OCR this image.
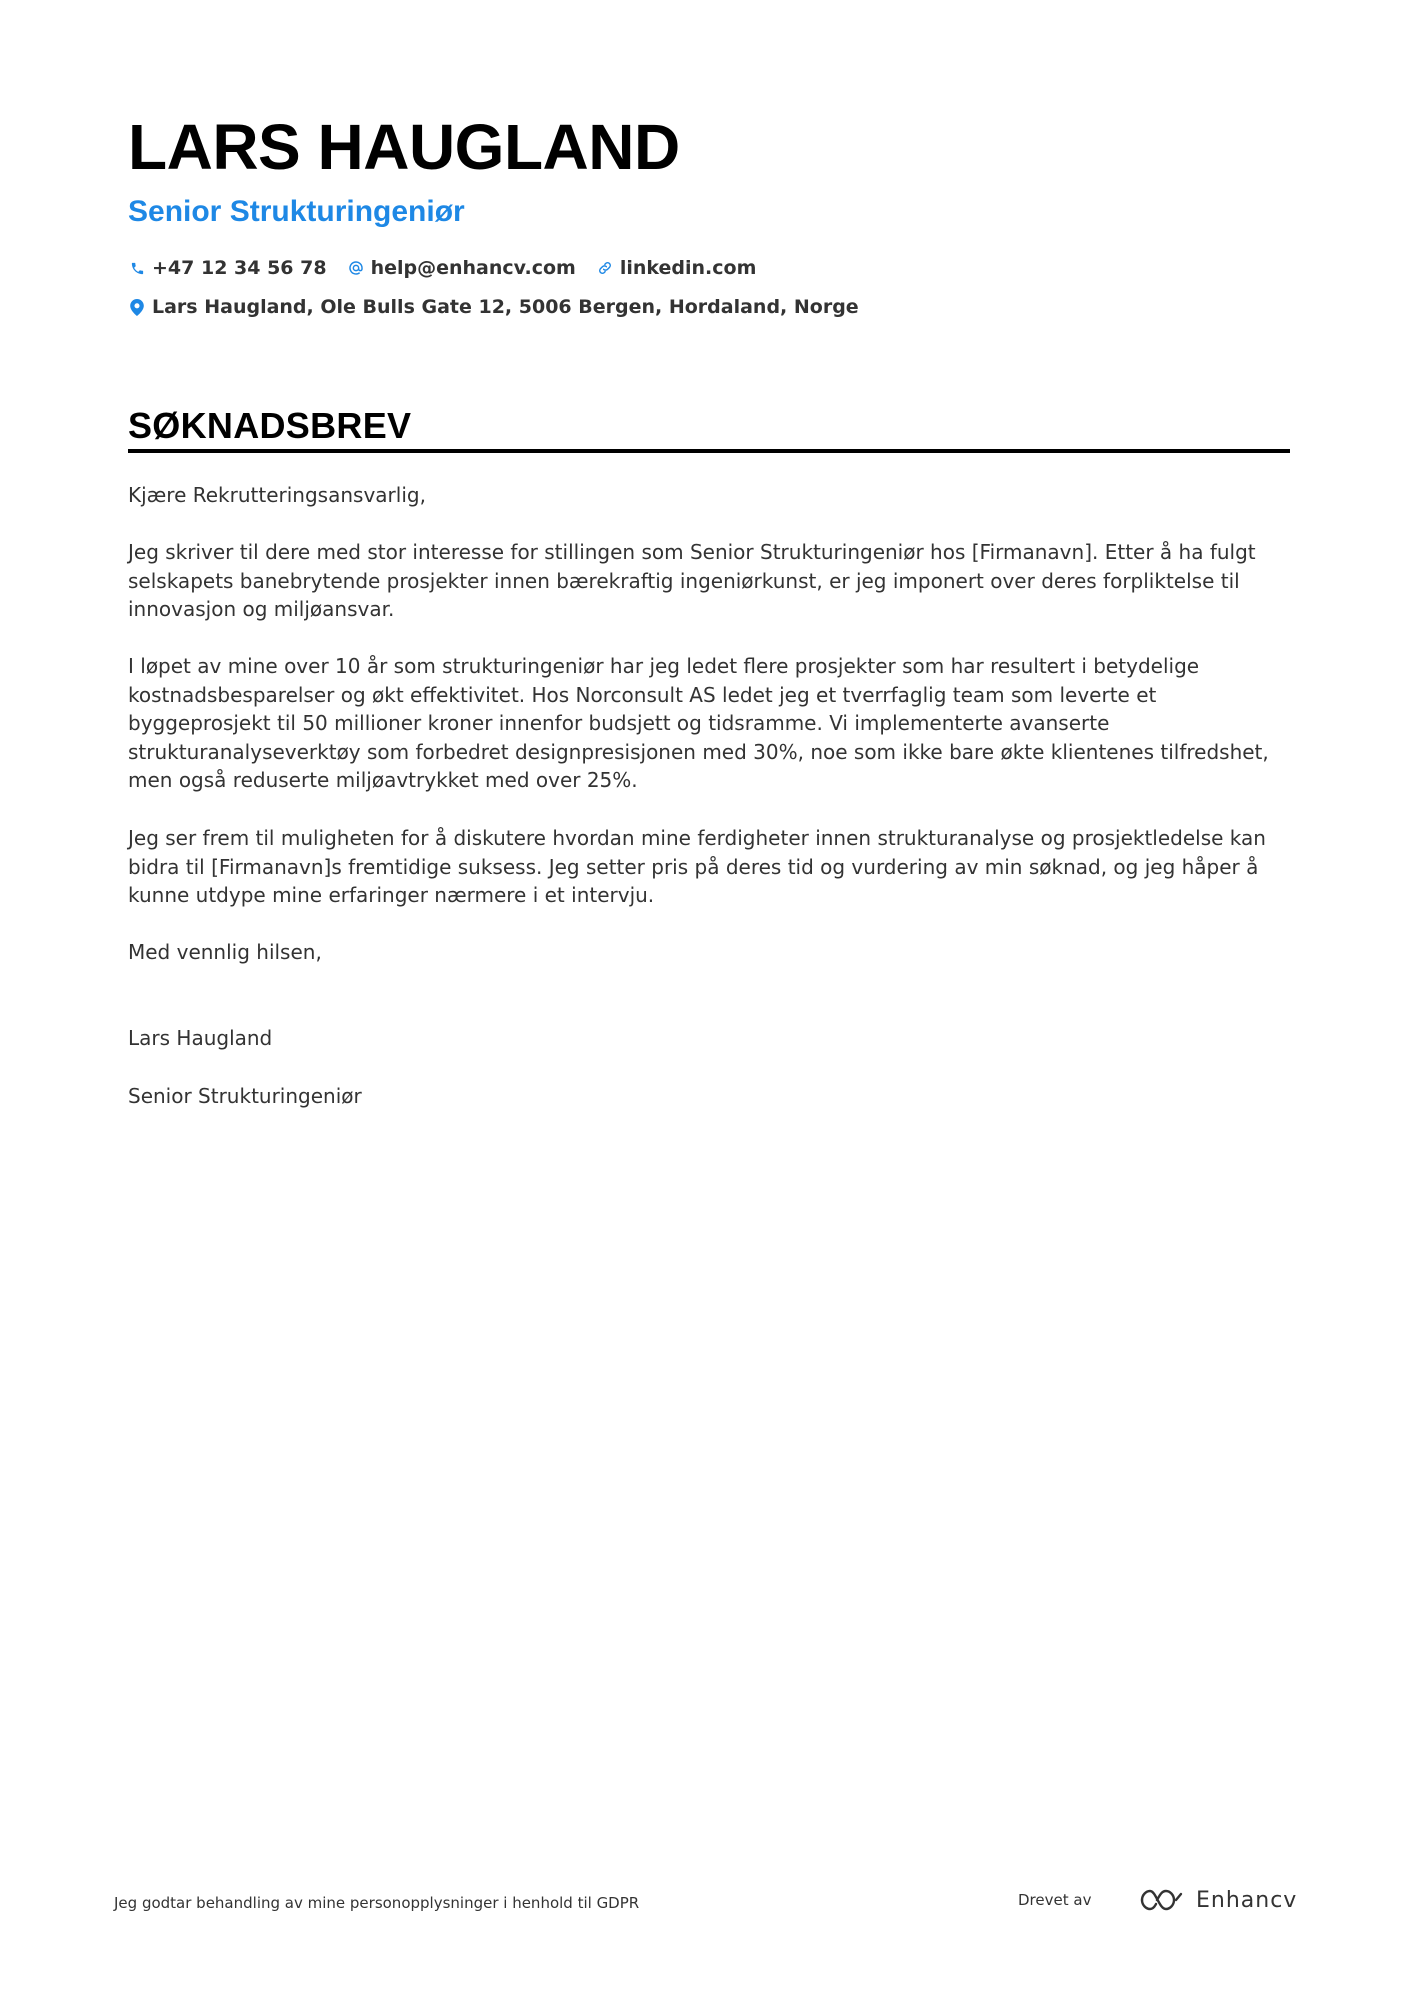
LARS HAUGLAND
Senior Strukturingeniør
+47 12 34 56 78 help@enhancv.com linkedin.com
Lars Haugland, Ole Bulls Gate 12, 5006 Bergen, Hordaland, Norge
SØKNADSBREV
Kjære Rekrutteringsansvarlig,
Jeg skriver til dere med stor interesse for stillingen som Senior Strukturingeniør hos [Firmanavn]. Etter å ha fulgt selskapets banebrytende prosjekter innen bærekraftig ingeniørkunst, er jeg imponert over deres forpliktelse til innovasjon og miljøansvar.
I løpet av mine over 10 år som strukturingeniør har jeg ledet flere prosjekter som har resultert i betydelige kostnadsbesparelser og økt effektivitet. Hos Norconsult AS ledet jeg et tverrfaglig team som leverte et byggeprosjekt til 50 millioner kroner innenfor budsjett og tidsramme. Vi implementerte avanserte strukturanalyseverktøy som forbedret designpresisjonen med 30%, noe som ikke bare økte klientenes tilfredshet, men også reduserte miljøavtrykket med over 25%.
Jeg ser frem til muligheten for å diskutere hvordan mine ferdigheter innen strukturanalyse og prosjektledelse kan bidra til [Firmanavn]s fremtidige suksess. Jeg setter pris på deres tid og vurdering av min søknad, og jeg håper å kunne utdype mine erfaringer nærmere i et intervju.
Med vennlig hilsen,
Lars Haugland
Senior Strukturingeniør
Jeg godtar behandling av mine personopplysninger i henhold til GDPR	Drevet av	Enhancv
